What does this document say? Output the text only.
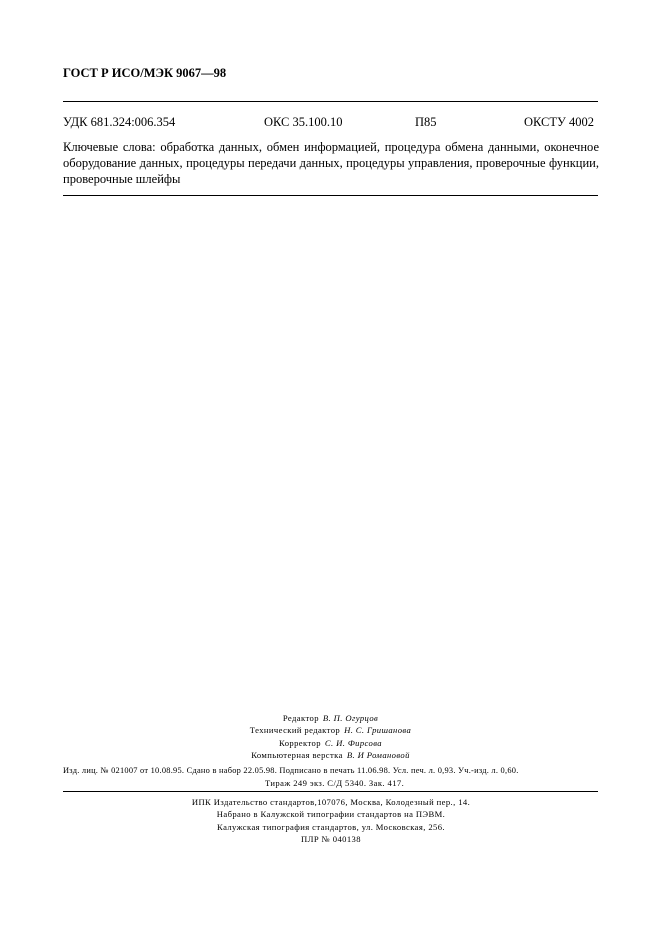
ГОСТ Р ИСО/МЭК 9067—98
УДК 681.324:006.354	ОКС 35.100.10	П85	ОКСТУ 4002
Ключевые слова: обработка данных, обмен информацией, процедура обмена данными, оконечное оборудование данных, процедуры передачи данных, процедуры управления, проверочные функции, проверочные шлейфы
Редактор В. П. Огурцов
Технический редактор Н. С. Гришанова
Корректор С. И. Фирсова
Компьютерная верстка В. И Романовой
Изд. лиц. № 021007 от 10.08.95. Сдано в набор 22.05.98. Подписано в печать 11.06.98. Усл. печ. л. 0,93. Уч.-изд. л. 0,60.
Тираж 249 экз. С/Д 5340. Зак. 417.
ИПК Издательство стандартов,107076, Москва, Колодезный пер., 14.
Набрано в Калужской типографии стандартов на ПЭВМ.
Калужская типография стандартов, ул. Московская, 256.
ПЛР № 040138
